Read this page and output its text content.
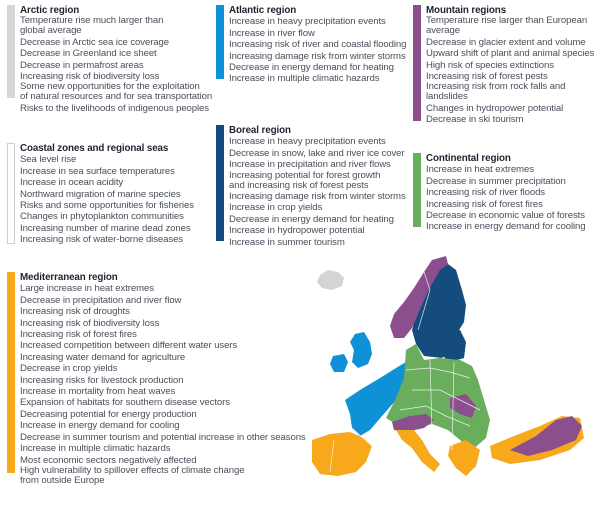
Arctic region
Temperature rise much larger than
global average
Decrease in Arctic sea ice coverage
Decrease in Greenland ice sheet
Decrease in permafrost areas
Increasing risk of biodiversity loss
Some new opportunities for the exploitation
of natural resources and for sea transportation
Risks to the livelihoods of indigenous peoples
Atlantic region
Increase in heavy precipitation events
Increase in river flow
Increasing risk of river and coastal flooding
Increasing damage risk from winter storms
Decrease in energy demand for heating
Increase in multiple climatic hazards
Mountain regions
Temperature rise larger than European
average
Decrease in glacier extent and volume
Upward shift of plant and animal species
High risk of species extinctions
Increasing risk of forest pests
Increasing risk from rock falls and
landslides
Changes in hydropower potential
Decrease in ski tourism
Coastal zones and regional seas
Sea level rise
Increase in sea surface temperatures
Increase in ocean acidity
Northward migration of marine species
Risks and some opportunities for fisheries
Changes in phytoplankton communities
Increasing number of marine dead zones
Increasing risk of water-borne diseases
Boreal region
Increase in heavy precipitation events
Decrease in snow, lake and river ice cover
Increase in precipitation and river flows
Increasing potential for forest growth
and increasing risk of forest pests
Increasing damage risk from winter storms
Increase in crop yields
Decrease in energy demand for heating
Increase in hydropower potential
Increase in summer tourism
Continental region
Increase in heat extremes
Decrease in summer precipitation
Increasing risk of river floods
Increasing risk of forest fires
Decrease in economic value of forests
Increase in energy demand for cooling
Mediterranean region
Large increase in heat extremes
Decrease in precipitation and river flow
Increasing risk of droughts
Increasing risk of biodiversity loss
Increasing risk of forest fires
Increased competition between different water users
Increasing water demand for agriculture
Decrease in crop yields
Increasing risks for livestock production
Increase in mortality from heat waves
Expansion of habitats for southern disease vectors
Decreasing potential for energy production
Increase in energy demand for cooling
Decrease in summer tourism and potential increase in other seasons
Increase in multiple climatic hazards
Most economic sectors negatively affected
High vulnerability to spillover effects of climate change
from outside Europe
